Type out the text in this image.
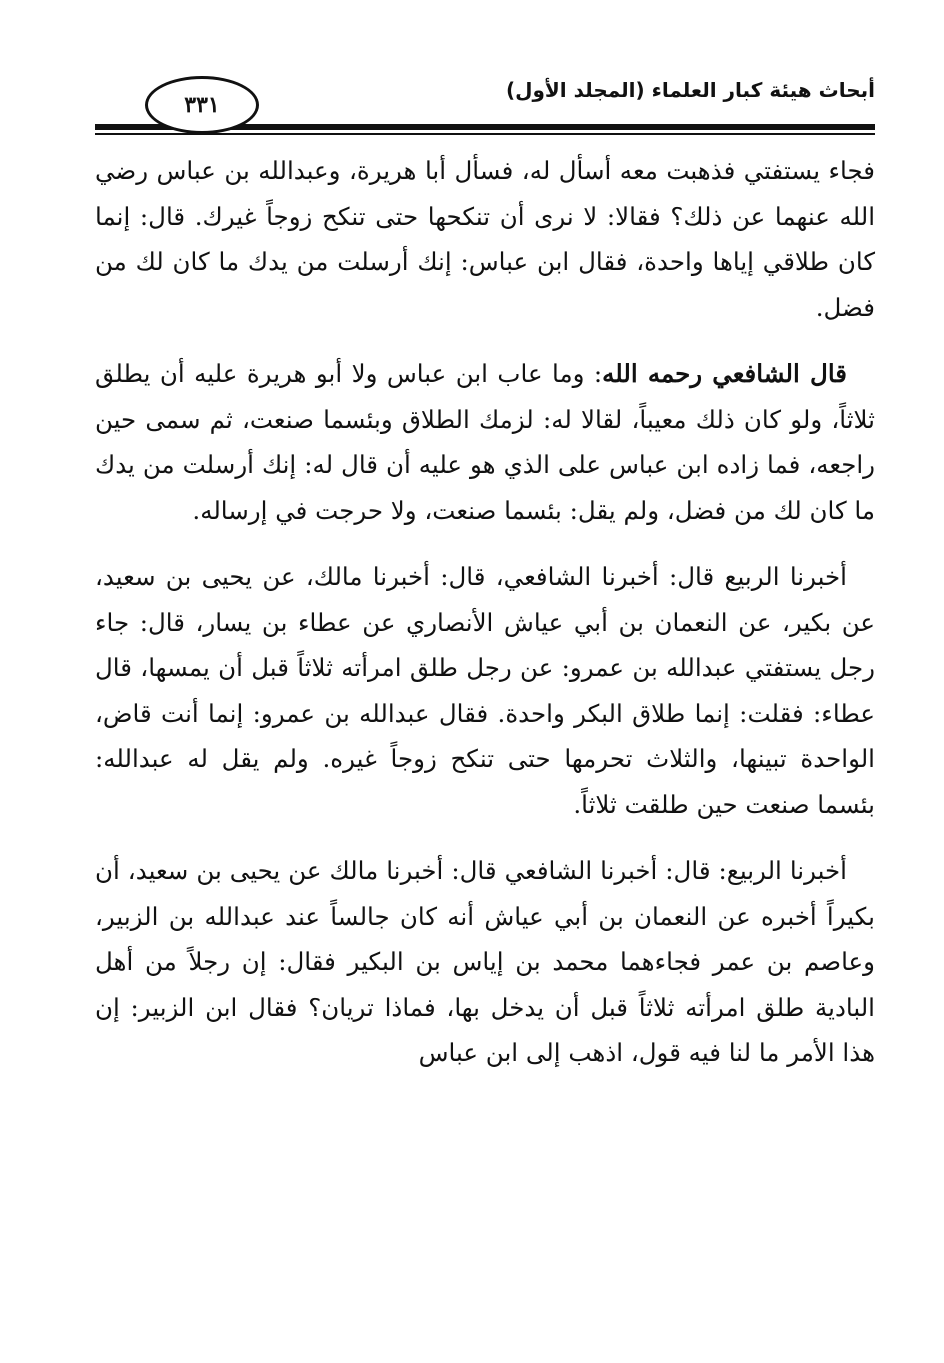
٣٣١
أبحاث هيئة كبار العلماء (المجلد الأول)

فجاء يستفتي فذهبت معه أسأل له، فسأل أبا هريرة، وعبدالله بن عباس رضي الله عنهما عن ذلك؟ فقالا: لا نرى أن تنكحها حتى تنكح زوجاً غيرك. قال: إنما كان طلاقي إياها واحدة، فقال ابن عباس: إنك أرسلت من يدك ما كان لك من فضل.

قال الشافعي رحمه الله: وما عاب ابن عباس ولا أبو هريرة عليه أن يطلق ثلاثاً، ولو كان ذلك معيباً، لقالا له: لزمك الطلاق وبئسما صنعت، ثم سمى حين راجعه، فما زاده ابن عباس على الذي هو عليه أن قال له: إنك أرسلت من يدك ما كان لك من فضل، ولم يقل: بئسما صنعت، ولا حرجت في إرساله.

أخبرنا الربيع قال: أخبرنا الشافعي، قال: أخبرنا مالك، عن يحيى بن سعيد، عن بكير، عن النعمان بن أبي عياش الأنصاري عن عطاء بن يسار، قال: جاء رجل يستفتي عبدالله بن عمرو: عن رجل طلق امرأته ثلاثاً قبل أن يمسها، قال عطاء: فقلت: إنما طلاق البكر واحدة. فقال عبدالله بن عمرو: إنما أنت قاض، الواحدة تبينها، والثلاث تحرمها حتى تنكح زوجاً غيره. ولم يقل له عبدالله: بئسما صنعت حين طلقت ثلاثاً.

أخبرنا الربيع: قال: أخبرنا الشافعي قال: أخبرنا مالك عن يحيى بن سعيد، أن بكيراً أخبره عن النعمان بن أبي عياش أنه كان جالساً عند عبدالله بن الزبير، وعاصم بن عمر فجاءهما محمد بن إياس بن البكير فقال: إن رجلاً من أهل البادية طلق امرأته ثلاثاً قبل أن يدخل بها، فماذا تريان؟ فقال ابن الزبير: إن هذا الأمر ما لنا فيه قول، اذهب إلى ابن عباس
